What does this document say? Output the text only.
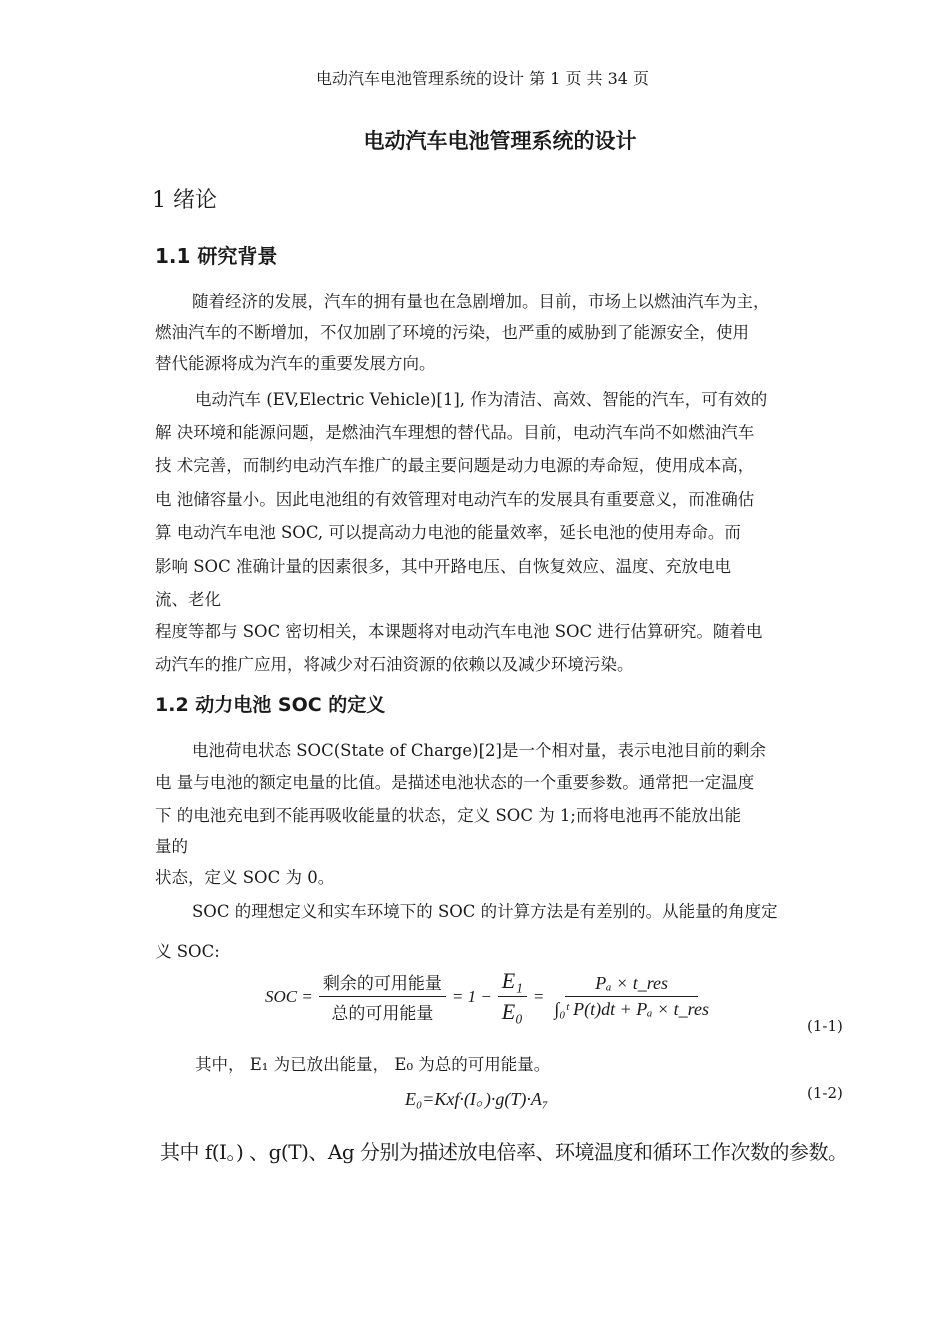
电动汽车电池管理系统的设计 第 1 页 共 34 页
电动汽车电池管理系统的设计
1 绪论
1.1 研究背景
随着经济的发展，汽车的拥有量也在急剧增加。目前，市场上以燃油汽车为主，
燃油汽车的不断增加，不仅加剧了环境的污染，也严重的威胁到了能源安全，使用
替代能源将成为汽车的重要发展方向。
电动汽车 (EV,Electric Vehicle)[1], 作为清洁、高效、智能的汽车，可有效的
解 决环境和能源问题，是燃油汽车理想的替代品。目前，电动汽车尚不如燃油汽车
技 术完善，而制约电动汽车推广的最主要问题是动力电源的寿命短，使用成本高，
电 池储容量小。因此电池组的有效管理对电动汽车的发展具有重要意义，而准确估
算 电动汽车电池 SOC, 可以提高动力电池的能量效率，延长电池的使用寿命。而
影响 SOC 准确计量的因素很多，其中开路电压、自恢复效应、温度、充放电电
流、老化
程度等都与 SOC 密切相关，本课题将对电动汽车电池 SOC 进行估算研究。随着电
动汽车的推广应用，将减少对石油资源的依赖以及减少环境污染。
1.2 动力电池 SOC 的定义
电池荷电状态 SOC(State of Charge)[2]是一个相对量，表示电池目前的剩余
电 量与电池的额定电量的比值。是描述电池状态的一个重要参数。通常把一定温度
下 的电池充电到不能再吸收能量的状态，定义 SOC 为 1;而将电池再不能放出能
量的
状态，定义 SOC 为 0。
SOC 的理想定义和实车环境下的 SOC 的计算方法是有差别的。从能量的角度定
义 SOC:
SOC = $\frac{\text{剩余的可用能量}}{\text{总的可用能量}} = 1 - \frac{\text{E₁}}{\text{E₀}} = \frac{\text{Pₐ × t\_res}}{\text{∫₀ᵗ P(t)dt + Pₐ × t\_res}}$
(1-1)
其中， E₁ 为已放出能量， E₀ 为总的可用能量。
E₀=Kxf·(I。)·g(T)·A₇	(1-2)
其中 f(I。) 、g(T)、Ag 分别为描述放电倍率、环境温度和循环工作次数的参数。
